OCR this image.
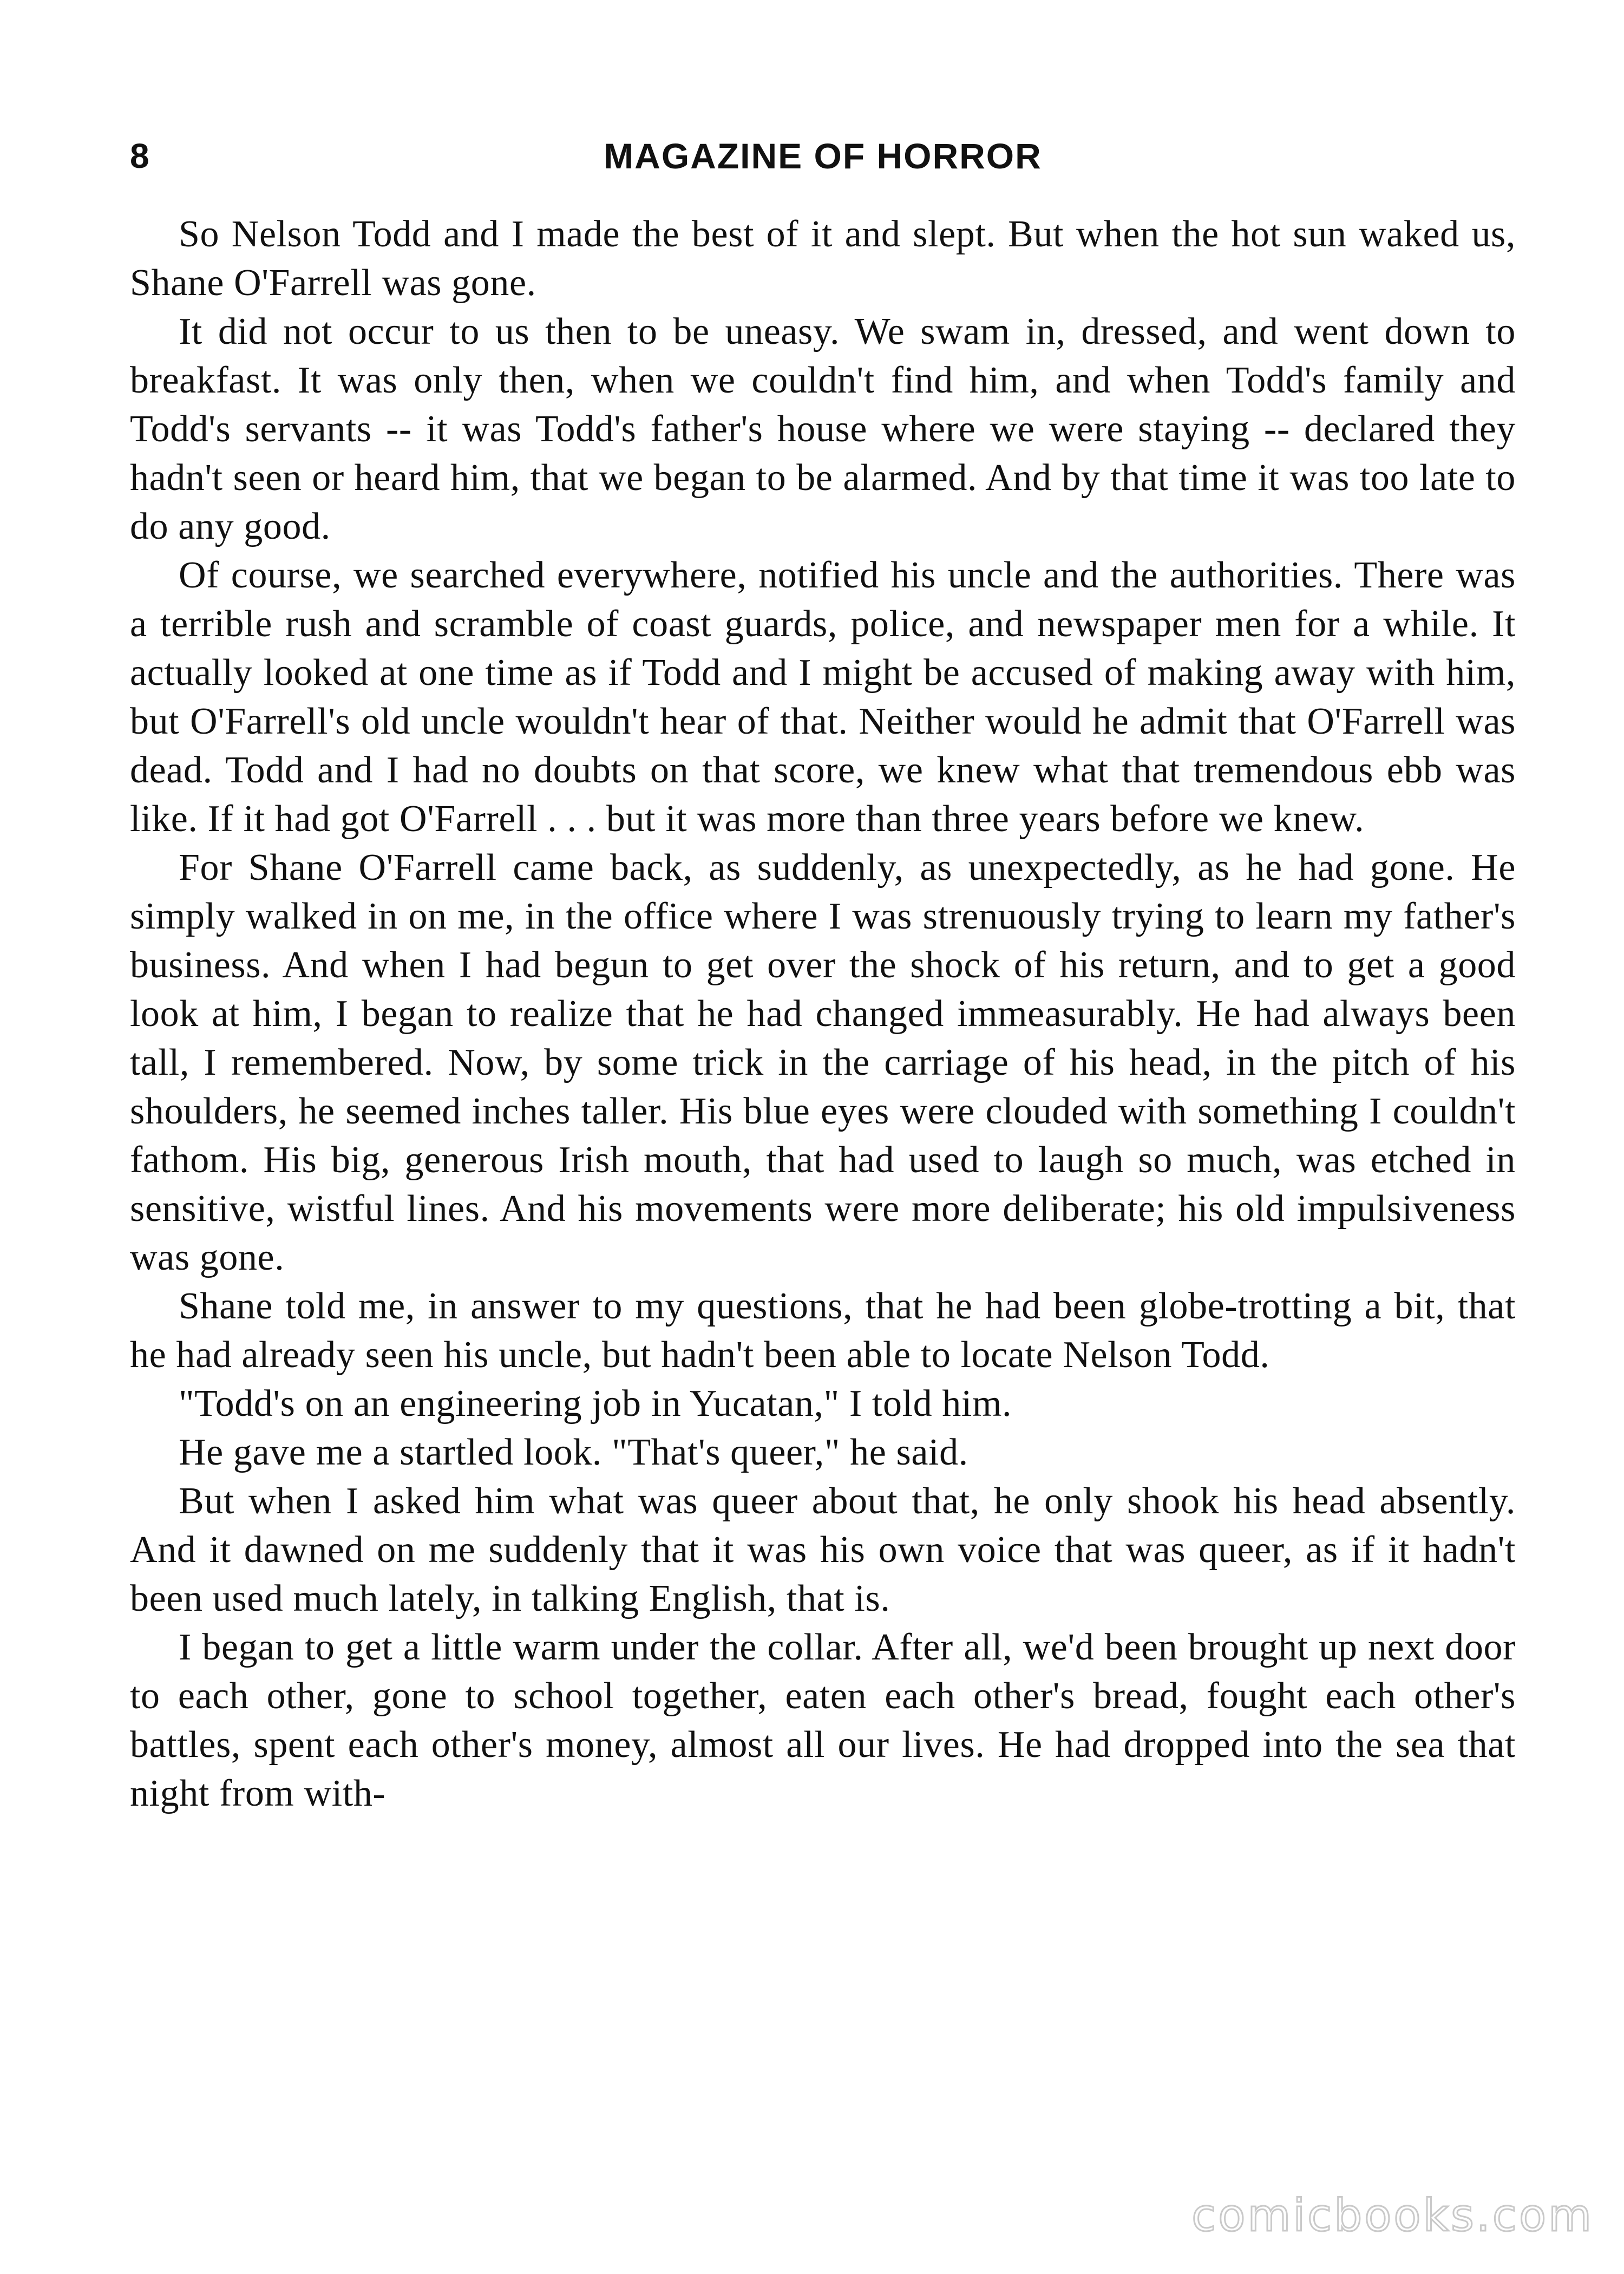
8	MAGAZINE OF HORROR

So Nelson Todd and I made the best of it and slept. But when the hot sun waked us, Shane O'Farrell was gone.

It did not occur to us then to be uneasy. We swam in, dressed, and went down to breakfast. It was only then, when we couldn't find him, and when Todd's family and Todd's servants -- it was Todd's father's house where we were staying -- declared they hadn't seen or heard him, that we began to be alarmed. And by that time it was too late to do any good.

Of course, we searched everywhere, notified his uncle and the authorities. There was a terrible rush and scramble of coast guards, police, and newspaper men for a while. It actually looked at one time as if Todd and I might be accused of making away with him, but O'Farrell's old uncle wouldn't hear of that. Neither would he admit that O'Farrell was dead. Todd and I had no doubts on that score, we knew what that tremendous ebb was like. If it had got O'Farrell . . . but it was more than three years before we knew.

For Shane O'Farrell came back, as suddenly, as unexpectedly, as he had gone. He simply walked in on me, in the office where I was strenuously trying to learn my father's business. And when I had begun to get over the shock of his return, and to get a good look at him, I began to realize that he had changed immeasurably. He had always been tall, I remembered. Now, by some trick in the carriage of his head, in the pitch of his shoulders, he seemed inches taller. His blue eyes were clouded with something I couldn't fathom. His big, generous Irish mouth, that had used to laugh so much, was etched in sensitive, wistful lines. And his movements were more deliberate; his old impulsiveness was gone.

Shane told me, in answer to my questions, that he had been globe-trotting a bit, that he had already seen his uncle, but hadn't been able to locate Nelson Todd.

"Todd's on an engineering job in Yucatan," I told him.

He gave me a startled look. "That's queer," he said.

But when I asked him what was queer about that, he only shook his head absently. And it dawned on me suddenly that it was his own voice that was queer, as if it hadn't been used much lately, in talking English, that is.

I began to get a little warm under the collar. After all, we'd been brought up next door to each other, gone to school together, eaten each other's bread, fought each other's battles, spent each other's money, almost all our lives. He had dropped into the sea that night from with-

comicbooks.com
